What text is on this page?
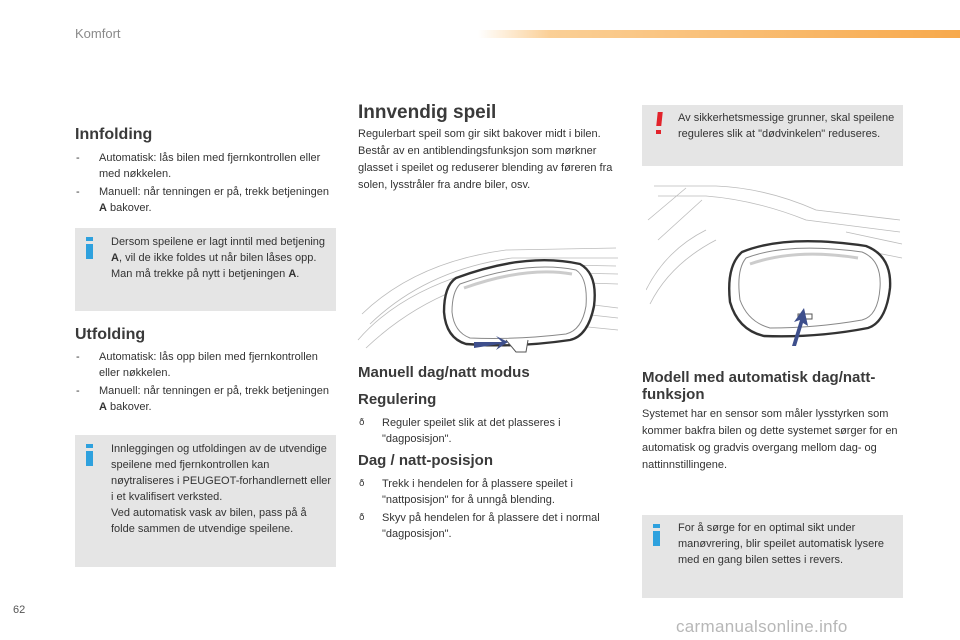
Komfort
62
carmanualsonline.info
Innfolding
- Automatisk: lås bilen med fjernkontrollen eller med nøkkelen.
- Manuell: når tenningen er på, trekk betjeningen A bakover.
Dersom speilene er lagt inntil med betjening A, vil de ikke foldes ut når bilen låses opp. Man må trekke på nytt i betjeningen A.
Utfolding
- Automatisk: lås opp bilen med fjernkontrollen eller nøkkelen.
- Manuell: når tenningen er på, trekk betjeningen A bakover.
Innleggingen og utfoldingen av de utvendige speilene med fjernkontrollen kan nøytraliseres i PEUGEOT-forhandlernett eller i et kvalifisert verksted.
Ved automatisk vask av bilen, pass på å folde sammen de utvendige speilene.
Innvendig speil

Regulerbart speil som gir sikt bakover midt i bilen.

Består av en antiblendingsfunksjon som mørkner glasset i speilet og reduserer blending av føreren fra solen, lysstråler fra andre biler, osv.

Manuell dag/natt modus
Regulering
ð Reguler speilet slik at det plasseres i "dagposisjon".
Dag / natt-posisjon
ð Trekk i hendelen for å plassere speilet i "nattposisjon" for å unngå blending.
ð Skyv på hendelen for å plassere det i normal "dagposisjon".
Av sikkerhetsmessige grunner, skal speilene reguleres slik at "dødvinkelen" reduseres.
Modell med automatisk dag/natt-funksjon

Systemet har en sensor som måler lysstyrken som kommer bakfra bilen og dette systemet sørger for en automatisk og gradvis overgang mellom dag- og nattinnstillingene.

For å sørge for en optimal sikt under manøvrering, blir speilet automatisk lysere med en gang bilen settes i revers.
